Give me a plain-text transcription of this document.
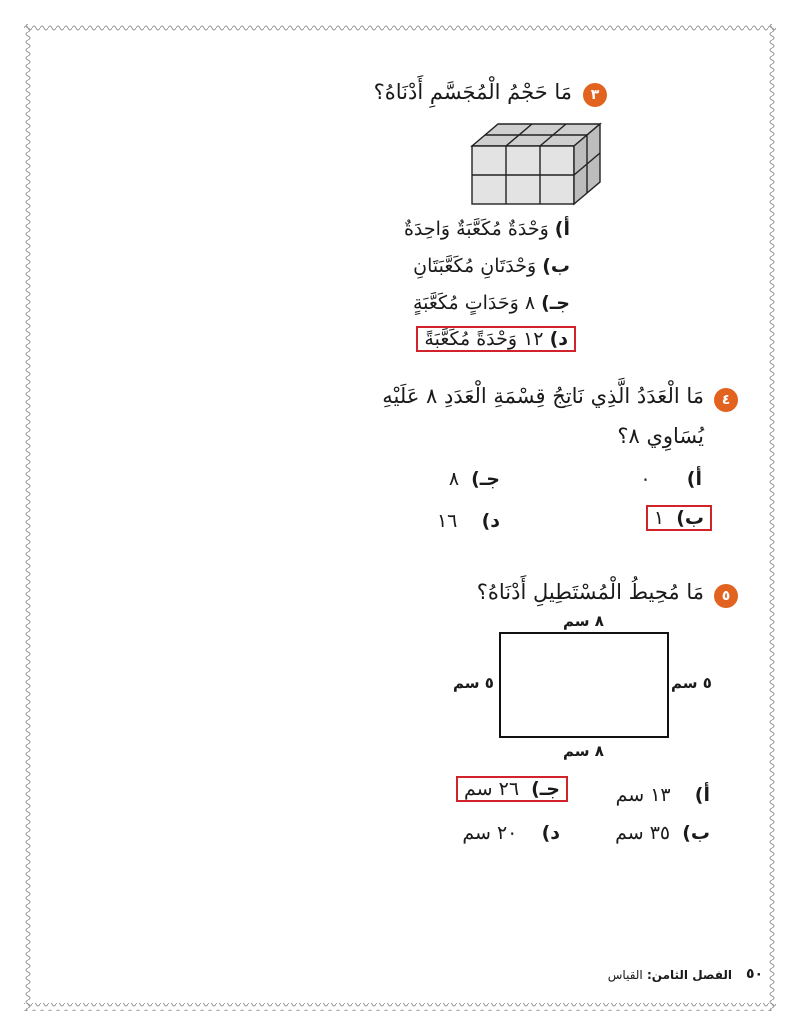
٣
مَا حَجْمُ الْمُجَسَّمِ أَدْنَاهُ؟
أ) وَحْدَةٌ مُكَعَّبَةٌ وَاحِدَةٌ
ب) وَحْدَتَانِ مُكَعَّبَتَانِ
جـ) ٨ وَحَدَاتٍ مُكَعَّبَةٍ
د) ١٢ وَحْدَةً مُكَعَّبَةً
٤
مَا الْعَدَدُ الَّذِي نَاتِجُ قِسْمَةِ الْعَدَدِ ٨ عَلَيْهِ
يُسَاوِي ٨؟
أ)      ٠
جـ)  ٨
ب)  ١
د)    ١٦
٥
مَا مُحِيطُ الْمُسْتَطِيلِ أَدْنَاهُ؟
٨ سم
٥ سم	٥ سم
٨ سم
أ)    ١٣ سم
جـ)  ٢٦ سم
ب)  ٣٥ سم
د)    ٢٠ سم
٥٠
الفصل الثامن: القياس
